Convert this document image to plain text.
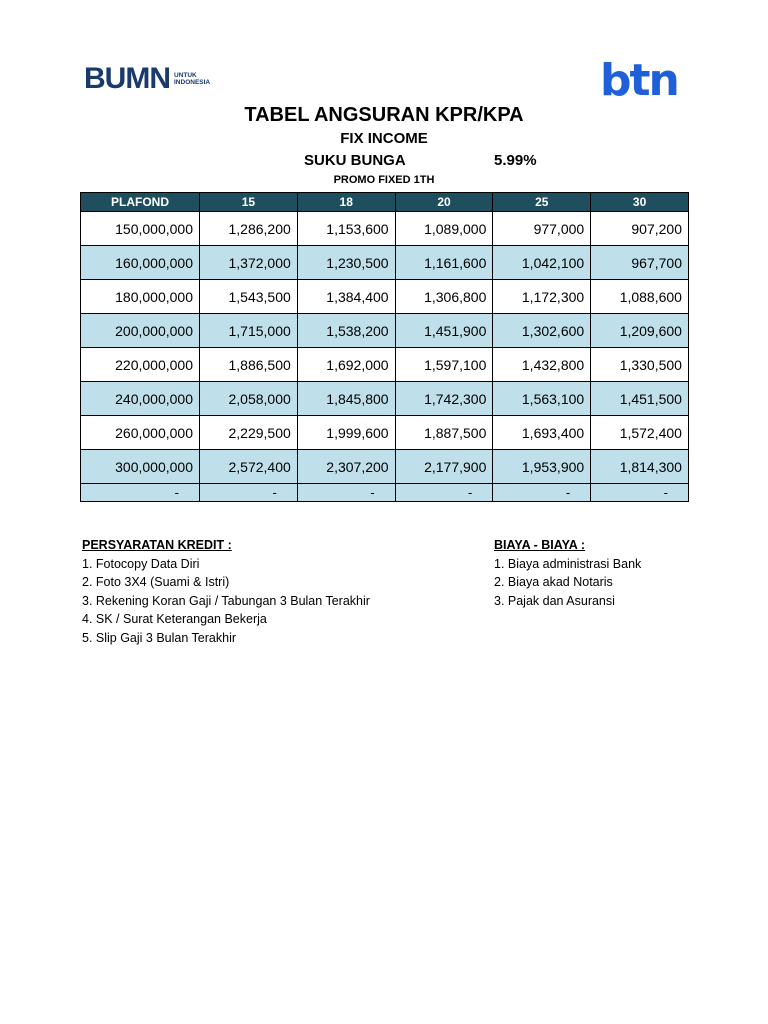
BUMN UNTUK
INDONESIA	btn
TABEL ANGSURAN KPR/KPA
FIX INCOME
SUKU BUNGA	5.99%
PROMO FIXED 1TH
PLAFOND	15	18	20	25	30
150,000,000	1,286,200	1,153,600	1,089,000	977,000	907,200
160,000,000	1,372,000	1,230,500	1,161,600	1,042,100	967,700
180,000,000	1,543,500	1,384,400	1,306,800	1,172,300	1,088,600
200,000,000	1,715,000	1,538,200	1,451,900	1,302,600	1,209,600
220,000,000	1,886,500	1,692,000	1,597,100	1,432,800	1,330,500
240,000,000	2,058,000	1,845,800	1,742,300	1,563,100	1,451,500
260,000,000	2,229,500	1,999,600	1,887,500	1,693,400	1,572,400
300,000,000	2,572,400	2,307,200	2,177,900	1,953,900	1,814,300
-	-	-	-	-	-
PERSYARATAN KREDIT :
1. Fotocopy Data Diri
2. Foto 3X4 (Suami & Istri)
3. Rekening Koran Gaji / Tabungan 3 Bulan Terakhir
4. SK / Surat Keterangan Bekerja
5. Slip Gaji 3 Bulan Terakhir
BIAYA - BIAYA :
1. Biaya administrasi Bank
2. Biaya akad Notaris
3. Pajak dan Asuransi
